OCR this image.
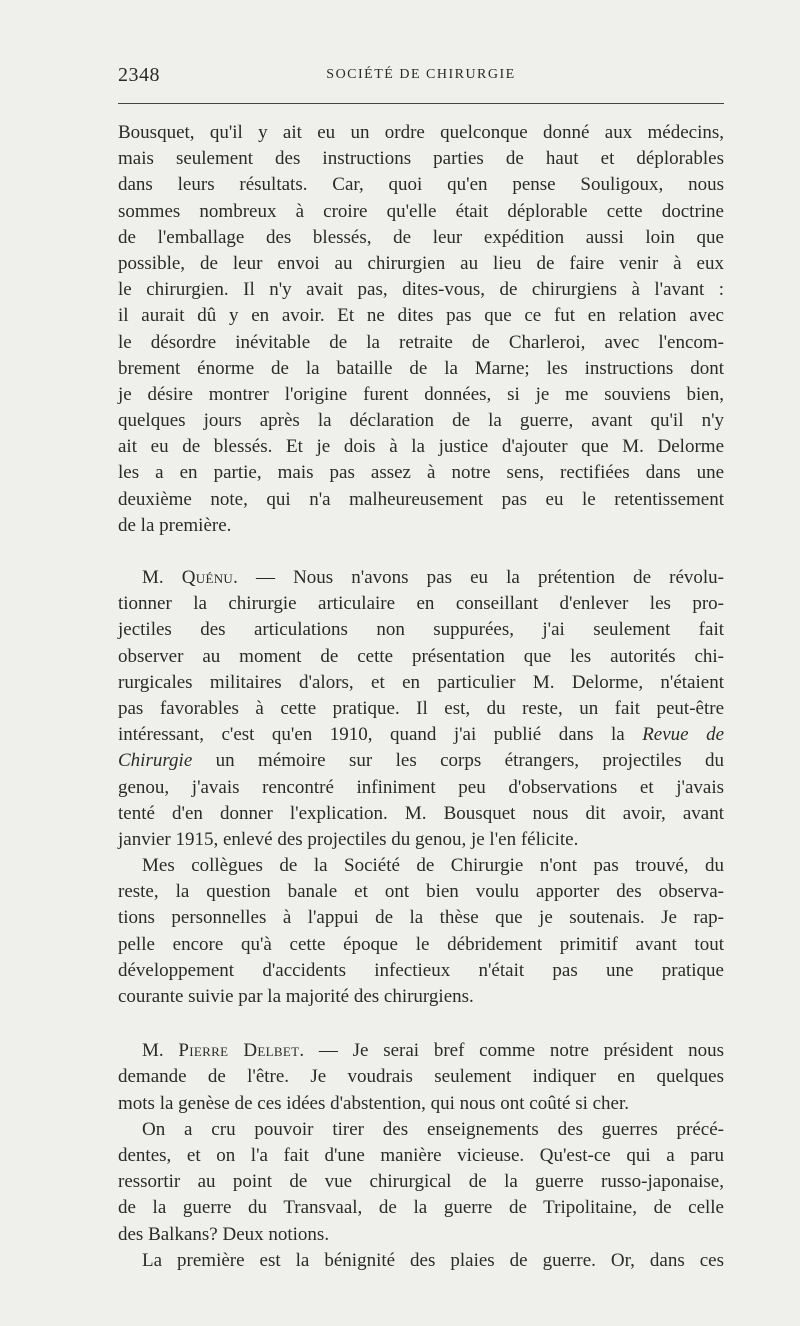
2348	SOCIÉTÉ DE CHIRURGIE
Bousquet, qu'il y ait eu un ordre quelconque donné aux médecins,
mais seulement des instructions parties de haut et déplorables
dans leurs résultats. Car, quoi qu'en pense Souligoux, nous
sommes nombreux à croire qu'elle était déplorable cette doctrine
de l'emballage des blessés, de leur expédition aussi loin que
possible, de leur envoi au chirurgien au lieu de faire venir à eux
le chirurgien. Il n'y avait pas, dites-vous, de chirurgiens à l'avant :
il aurait dû y en avoir. Et ne dites pas que ce fut en relation avec
le désordre inévitable de la retraite de Charleroi, avec l'encom-
brement énorme de la bataille de la Marne; les instructions dont
je désire montrer l'origine furent données, si je me souviens bien,
quelques jours après la déclaration de la guerre, avant qu'il n'y
ait eu de blessés. Et je dois à la justice d'ajouter que M. Delorme
les a en partie, mais pas assez à notre sens, rectifiées dans une
deuxième note, qui n'a malheureusement pas eu le retentissement
de la première.
M. Quénu. — Nous n'avons pas eu la prétention de révolu-
tionner la chirurgie articulaire en conseillant d'enlever les pro-
jectiles des articulations non suppurées, j'ai seulement fait
observer au moment de cette présentation que les autorités chi-
rurgicales militaires d'alors, et en particulier M. Delorme, n'étaient
pas favorables à cette pratique. Il est, du reste, un fait peut-être
intéressant, c'est qu'en 1910, quand j'ai publié dans la Revue de
Chirurgie un mémoire sur les corps étrangers, projectiles du
genou, j'avais rencontré infiniment peu d'observations et j'avais
tenté d'en donner l'explication. M. Bousquet nous dit avoir, avant
janvier 1915, enlevé des projectiles du genou, je l'en félicite.
Mes collègues de la Société de Chirurgie n'ont pas trouvé, du
reste, la question banale et ont bien voulu apporter des observa-
tions personnelles à l'appui de la thèse que je soutenais. Je rap-
pelle encore qu'à cette époque le débridement primitif avant tout
développement d'accidents infectieux n'était pas une pratique
courante suivie par la majorité des chirurgiens.
M. Pierre Delbet. — Je serai bref comme notre président nous
demande de l'être. Je voudrais seulement indiquer en quelques
mots la genèse de ces idées d'abstention, qui nous ont coûté si cher.
On a cru pouvoir tirer des enseignements des guerres précé-
dentes, et on l'a fait d'une manière vicieuse. Qu'est-ce qui a paru
ressortir au point de vue chirurgical de la guerre russo-japonaise,
de la guerre du Transvaal, de la guerre de Tripolitaine, de celle
des Balkans? Deux notions.
La première est la bénignité des plaies de guerre. Or, dans ces
